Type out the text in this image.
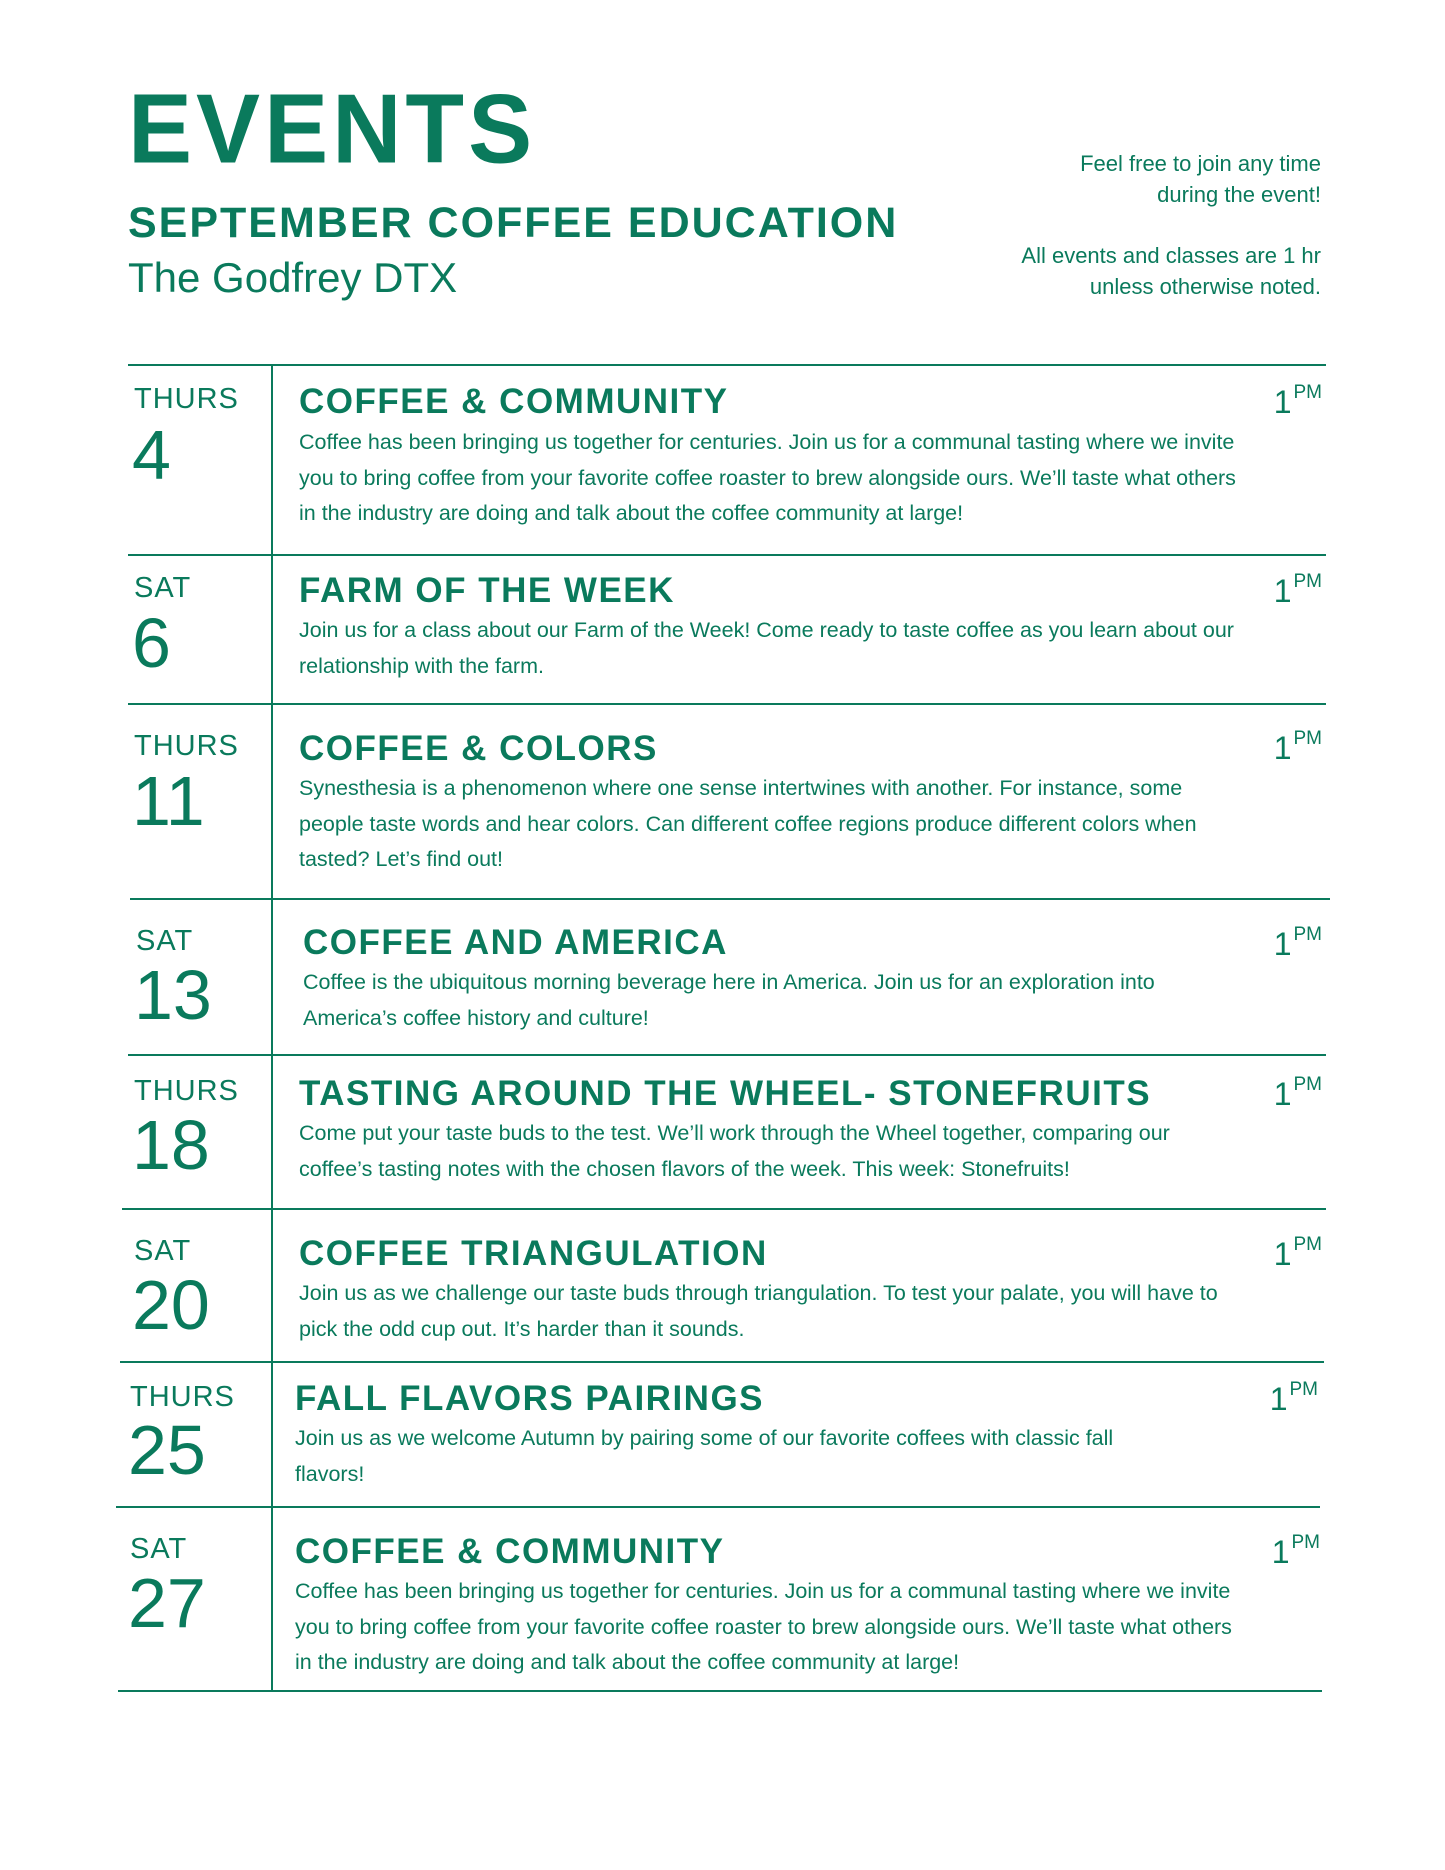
EVENTS
SEPTEMBER COFFEE EDUCATION
The Godfrey DTX
Feel free to join any time
during the event!
All events and classes are 1 hr
unless otherwise noted.
THURS
4
COFFEE & COMMUNITY
Coffee has been bringing us together for centuries. Join us for a communal tasting where we invite you to bring coffee from your favorite coffee roaster to brew alongside ours. We’ll taste what others in the industry are doing and talk about the coffee community at large!
1 $^{PM}$
SAT
6
FARM OF THE WEEK
Join us for a class about our Farm of the Week! Come ready to taste coffee as you learn about our relationship with the farm.
1 $^{PM}$
THURS
11
COFFEE & COLORS
Synesthesia is a phenomenon where one sense intertwines with another. For instance, some people taste words and hear colors. Can different coffee regions produce different colors when tasted? Let’s find out!
1 $^{PM}$
SAT
13
COFFEE AND AMERICA
Coffee is the ubiquitous morning beverage here in America. Join us for an exploration into America’s coffee history and culture!
1 $^{PM}$
THURS
18
TASTING AROUND THE WHEEL- STONEFRUITS
Come put your taste buds to the test. We’ll work through the Wheel together, comparing our coffee’s tasting notes with the chosen flavors of the week. This week: Stonefruits!
1 $^{PM}$
SAT
20
COFFEE TRIANGULATION
Join us as we challenge our taste buds through triangulation. To test your palate, you will have to pick the odd cup out. It’s harder than it sounds.
1 $^{PM}$
THURS
25
FALL FLAVORS PAIRINGS
Join us as we welcome Autumn by pairing some of our favorite coffees with classic fall flavors!
1 $^{PM}$
SAT
27
COFFEE & COMMUNITY
Coffee has been bringing us together for centuries. Join us for a communal tasting where we invite you to bring coffee from your favorite coffee roaster to brew alongside ours. We’ll taste what others in the industry are doing and talk about the coffee community at large!
1 $^{PM}$
